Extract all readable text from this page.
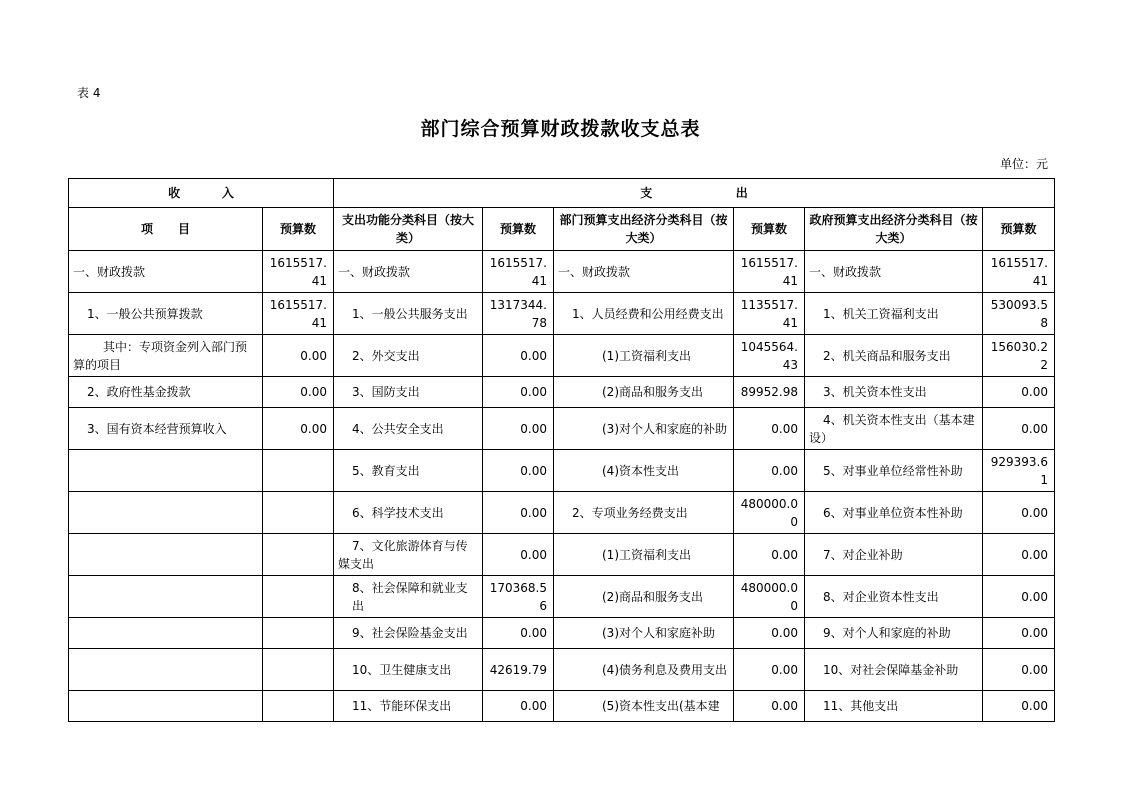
表 4
部门综合预算财政拨款收支总表
单位：元
收          入		支                    出					
项      目	预算数	支出功能分类科目（按大类）	预算数	部门预算支出经济分类科目（按大类）	预算数	政府预算支出经济分类科目（按大类）	预算数
一、财政拨款	1615517.41	一、财政拨款	1615517.41	一、财政拨款	1615517.41	一、财政拨款	1615517.41
1、一般公共预算拨款	1615517.41	1、一般公共服务支出	1317344.78	1、人员经费和公用经费支出	1135517.41	1、机关工资福利支出	530093.58
其中：专项资金列入部门预算的项目	0.00	2、外交支出	0.00	(1)工资福利支出	1045564.43	2、机关商品和服务支出	156030.22
2、政府性基金拨款	0.00	3、国防支出	0.00	(2)商品和服务支出	89952.98	3、机关资本性支出	0.00
3、国有资本经营预算收入	0.00	4、公共安全支出	0.00	(3)对个人和家庭的补助	0.00	4、机关资本性支出（基本建设）	0.00
		5、教育支出	0.00	(4)资本性支出	0.00	5、对事业单位经常性补助	929393.61
		6、科学技术支出	0.00	2、专项业务经费支出	480000.00	6、对事业单位资本性补助	0.00
		7、文化旅游体育与传媒支出	0.00	(1)工资福利支出	0.00	7、对企业补助	0.00
		8、社会保障和就业支出	170368.56	(2)商品和服务支出	480000.00	8、对企业资本性支出	0.00
		9、社会保险基金支出	0.00	(3)对个人和家庭补助	0.00	9、对个人和家庭的补助	0.00
		10、卫生健康支出	42619.79	(4)债务利息及费用支出	0.00	10、对社会保障基金补助	0.00
		11、节能环保支出	0.00	(5)资本性支出(基本建	0.00	11、其他支出	0.00
